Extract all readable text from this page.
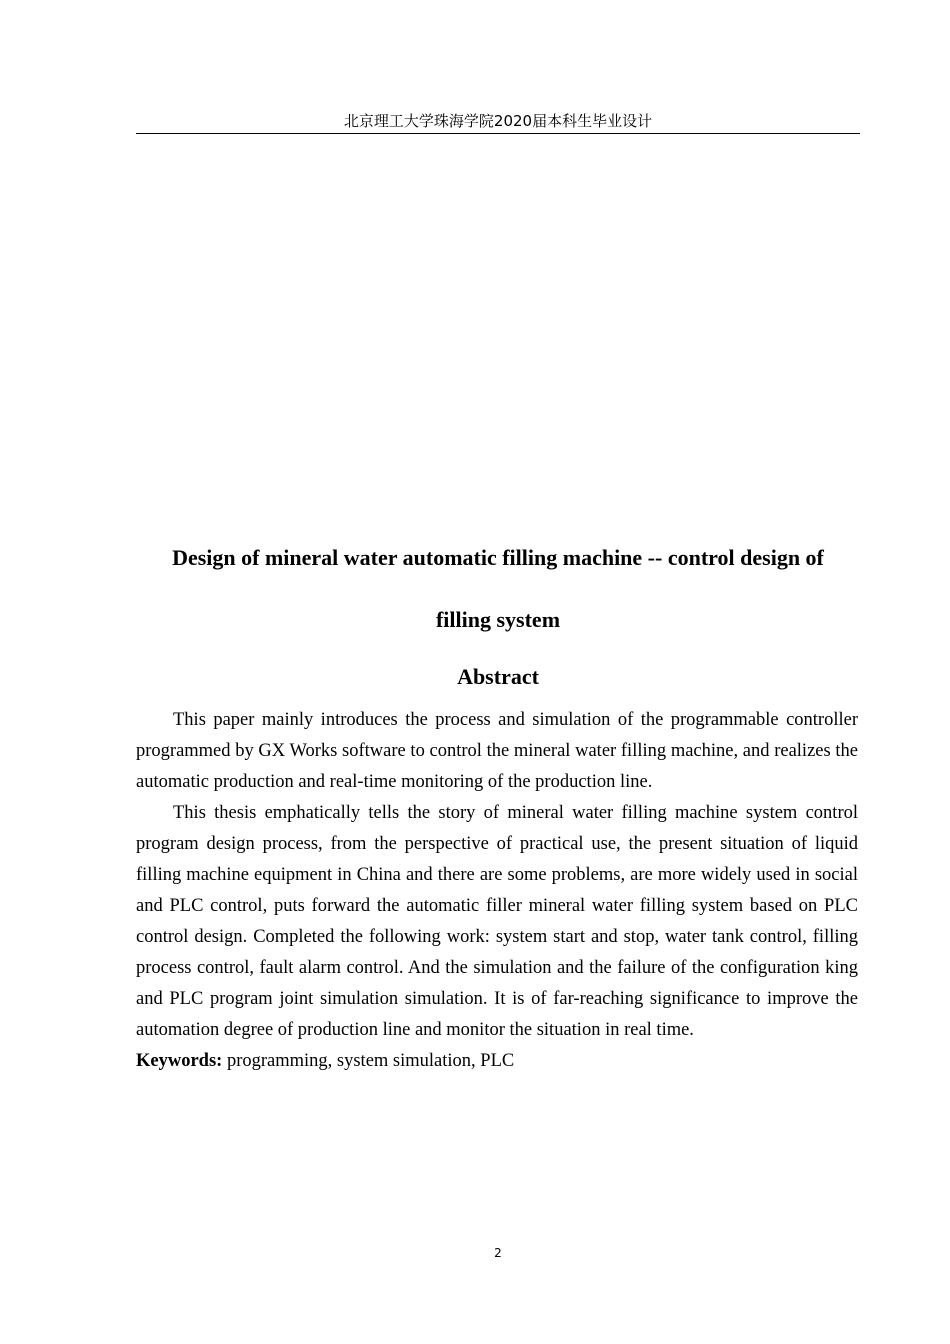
北京理工大学珠海学院2020届本科生毕业设计
Design of mineral water automatic filling machine -- control design of
filling system
Abstract

This paper mainly introduces the process and simulation of the programmable controller programmed by GX Works software to control the mineral water filling machine, and realizes the automatic production and real-time monitoring of the production line.

This thesis emphatically tells the story of mineral water filling machine system control program design process, from the perspective of practical use, the present situation of liquid filling machine equipment in China and there are some problems, are more widely used in social and PLC control, puts forward the automatic filler mineral water filling system based on PLC control design. Completed the following work: system start and stop, water tank control, filling process control, fault alarm control. And the simulation and the failure of the configuration king and PLC program joint simulation simulation. It is of far-reaching significance to improve the automation degree of production line and monitor the situation in real time.

Keywords: programming, system simulation, PLC

2
